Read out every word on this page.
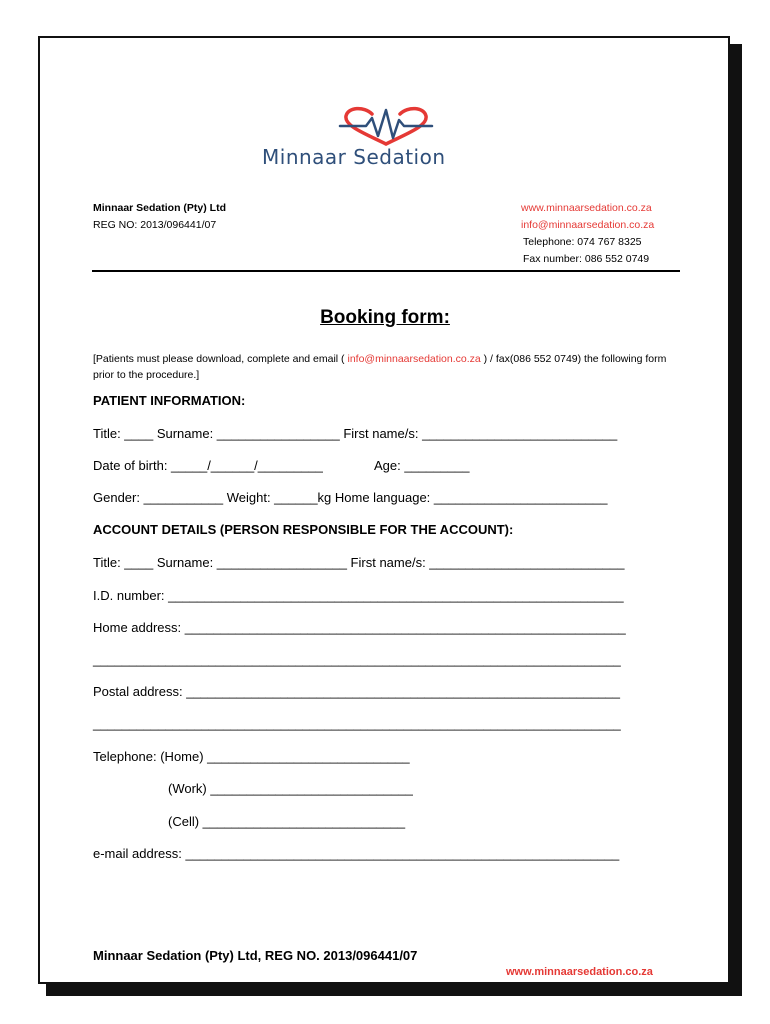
Minnaar Sedation
Minnaar Sedation (Pty) Ltd
REG NO: 2013/096441/07
www.minnaarsedation.co.za
info@minnaarsedation.co.za
Telephone: 074 767 8325
Fax number: 086 552 0749
Booking form:
[Patients must please download, complete and email ( info@minnaarsedation.co.za ) / fax(086 552 0749) the following form prior to the procedure.]
PATIENT INFORMATION:
Title: ____ Surname: _________________ First name/s: ___________________________
Date of birth: _____/______/_________	Age: _________
Gender: ___________ Weight: ______kg Home language: ________________________
ACCOUNT DETAILS (PERSON RESPONSIBLE FOR THE ACCOUNT):
Title: ____ Surname: __________________ First name/s: ___________________________
I.D. number: _______________________________________________________________
Home address: _____________________________________________________________
_________________________________________________________________________
Postal address: ____________________________________________________________
_________________________________________________________________________
Telephone: (Home) ____________________________
(Work) ____________________________
(Cell) ____________________________
e-mail address: ____________________________________________________________
Minnaar Sedation (Pty) Ltd, REG NO. 2013/096441/07
www.minnaarsedation.co.za
